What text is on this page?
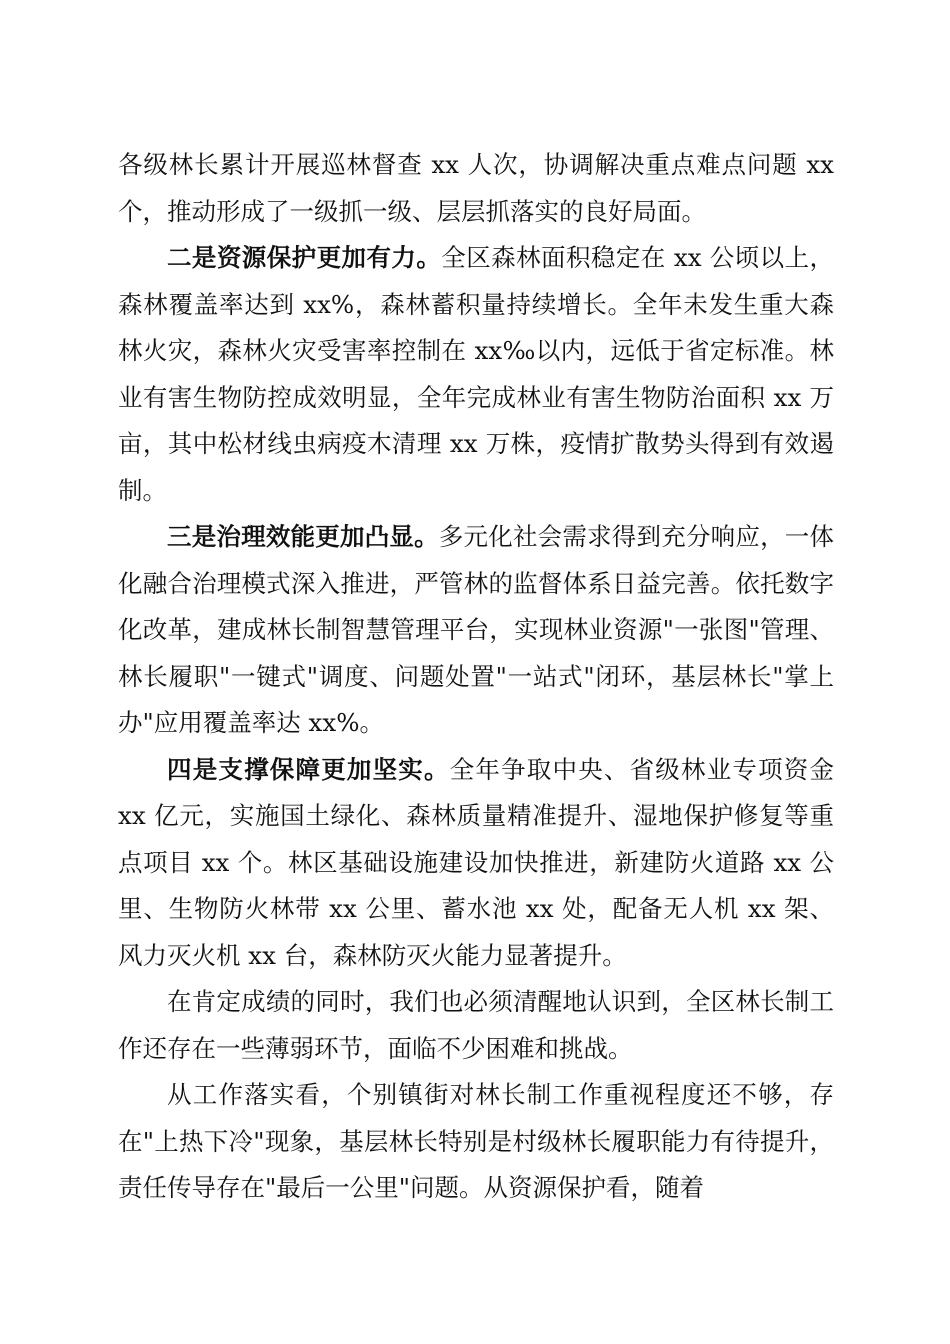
各级林长累计开展巡林督查 xx 人次，协调解决重点难点问题 xx 个，推动形成了一级抓一级、层层抓落实的良好局面。

二是资源保护更加有力。全区森林面积稳定在 xx 公顷以上，森林覆盖率达到 xx%，森林蓄积量持续增长。全年未发生重大森林火灾，森林火灾受害率控制在 xx‰以内，远低于省定标准。林业有害生物防控成效明显，全年完成林业有害生物防治面积 xx 万亩，其中松材线虫病疫木清理 xx 万株，疫情扩散势头得到有效遏制。

三是治理效能更加凸显。多元化社会需求得到充分响应，一体化融合治理模式深入推进，严管林的监督体系日益完善。依托数字化改革，建成林长制智慧管理平台，实现林业资源"一张图"管理、林长履职"一键式"调度、问题处置"一站式"闭环，基层林长"掌上办"应用覆盖率达 xx%。

四是支撑保障更加坚实。全年争取中央、省级林业专项资金 xx 亿元，实施国土绿化、森林质量精准提升、湿地保护修复等重点项目 xx 个。林区基础设施建设加快推进，新建防火道路 xx 公里、生物防火林带 xx 公里、蓄水池 xx 处，配备无人机 xx 架、风力灭火机 xx 台，森林防灭火能力显著提升。

在肯定成绩的同时，我们也必须清醒地认识到，全区林长制工作还存在一些薄弱环节，面临不少困难和挑战。

从工作落实看，个别镇街对林长制工作重视程度还不够，存在"上热下冷"现象，基层林长特别是村级林长履职能力有待提升，责任传导存在"最后一公里"问题。从资源保护看，随着
